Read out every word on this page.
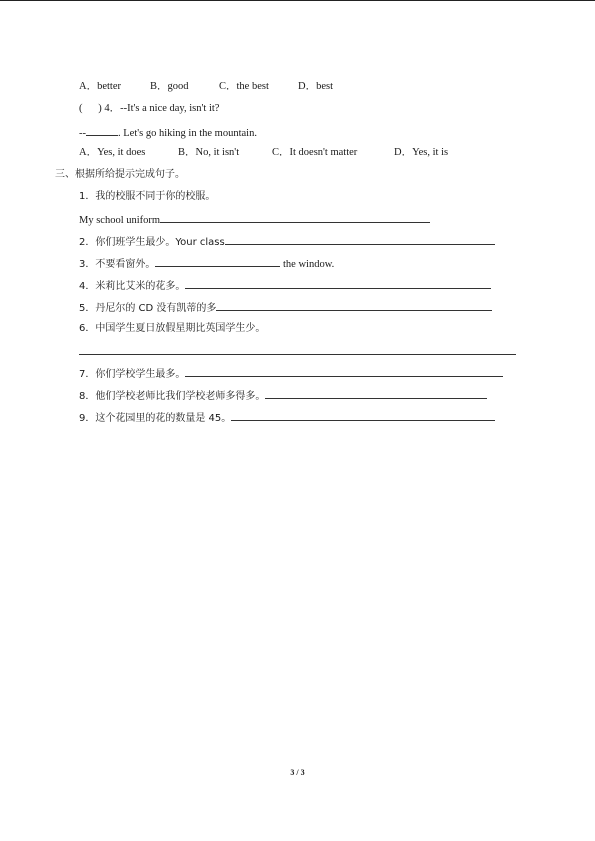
A．better	B．good	C．the best	D．best
(      ) 4．--It's a nice day, isn't it?
--	. Let's go hiking in the mountain.
A．Yes, it does	B．No, it isn't	C．It doesn't matter	D．Yes, it is
三、根据所给提示完成句子。
1．我的校服不同于你的校服。
My school uniform
2．你们班学生最少。Your class
3．不要看窗外。	the window.
4．米莉比艾米的花多。
5．丹尼尔的 CD 没有凯蒂的多
6．中国学生夏日放假星期比英国学生少。
7．你们学校学生最多。
8．他们学校老师比我们学校老师多得多。
9．这个花园里的花的数量是 45。
3 / 3
